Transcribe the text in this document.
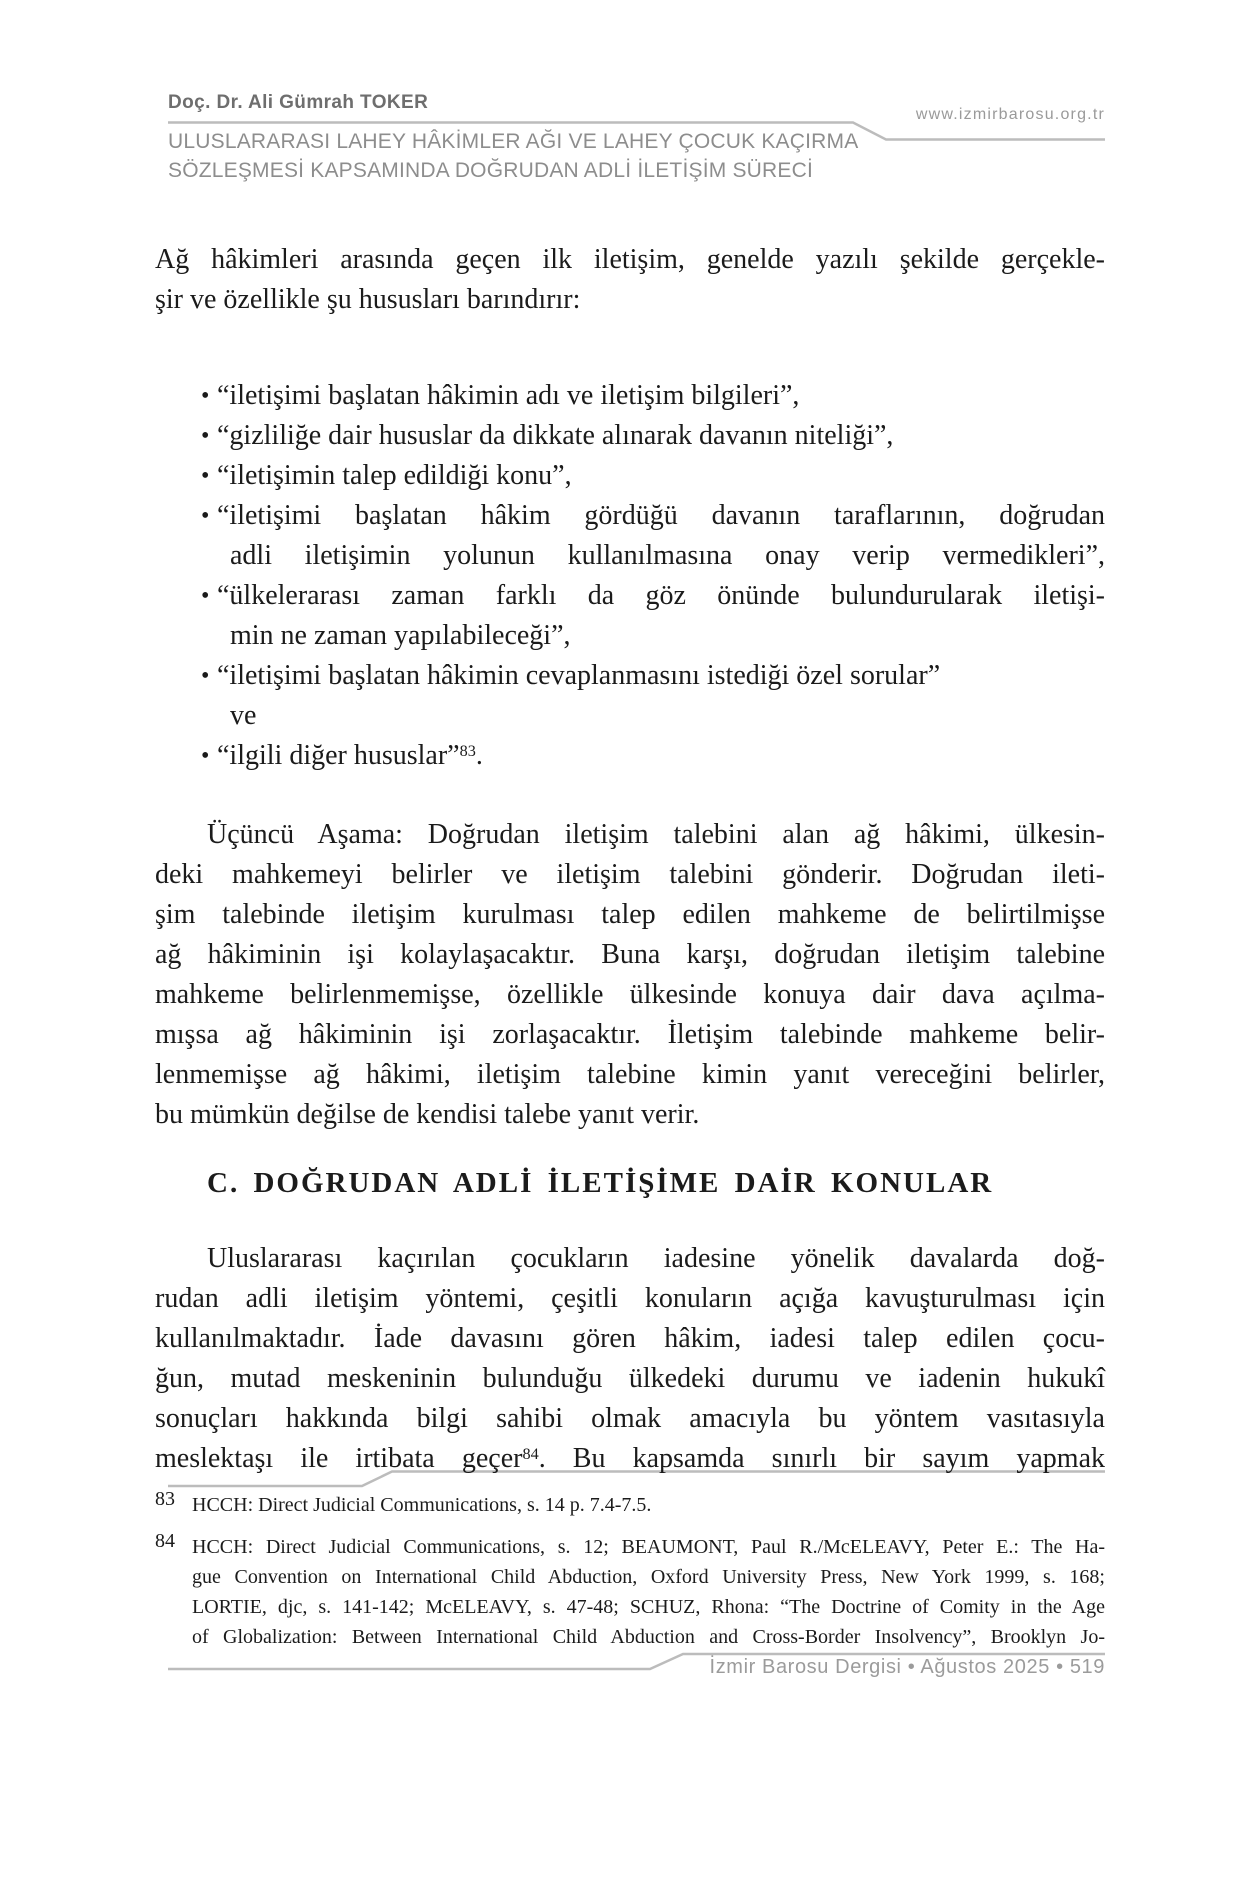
Doç. Dr. Ali Gümrah TOKER
www.izmirbarosu.org.tr
ULUSLARARASI LAHEY HÂKİMLER AĞI VE LAHEY ÇOCUK KAÇIRMA
SÖZLEŞMESİ KAPSAMINDA DOĞRUDAN ADLİ İLETİŞİM SÜRECİ
Ağ hâkimleri arasında geçen ilk iletişim, genelde yazılı şekilde gerçekle-
şir ve özellikle şu hususları barındırır:
• “iletişimi başlatan hâkimin adı ve iletişim bilgileri”,
• “gizliliğe dair hususlar da dikkate alınarak davanın niteliği”,
• “iletişimin talep edildiği konu”,
• “iletişimi başlatan hâkim gördüğü davanın taraflarının, doğrudan
adli iletişimin yolunun kullanılmasına onay verip vermedikleri”,
• “ülkelerarası zaman farklı da göz önünde bulundurularak iletişi-
min ne zaman yapılabileceği”,
• “iletişimi başlatan hâkimin cevaplanmasını istediği özel sorular”
ve
• “ilgili diğer hususlar”$^{83}$.
Üçüncü Aşama: Doğrudan iletişim talebini alan ağ hâkimi, ülkesin-
deki mahkemeyi belirler ve iletişim talebini gönderir. Doğrudan ileti-
şim talebinde iletişim kurulması talep edilen mahkeme de belirtilmişse
ağ hâkiminin işi kolaylaşacaktır. Buna karşı, doğrudan iletişim talebine
mahkeme belirlenmemişse, özellikle ülkesinde konuya dair dava açılma-
mışsa ağ hâkiminin işi zorlaşacaktır. İletişim talebinde mahkeme belir-
lenmemişse ağ hâkimi, iletişim talebine kimin yanıt vereceğini belirler,
bu mümkün değilse de kendisi talebe yanıt verir.
C. DOĞRUDAN ADLİ İLETİŞİME DAİR KONULAR
Uluslararası kaçırılan çocukların iadesine yönelik davalarda doğ-
rudan adli iletişim yöntemi, çeşitli konuların açığa kavuşturulması için
kullanılmaktadır. İade davasını gören hâkim, iadesi talep edilen çocu-
ğun, mutad meskeninin bulunduğu ülkedeki durumu ve iadenin hukukî
sonuçları hakkında bilgi sahibi olmak amacıyla bu yöntem vasıtasıyla
meslektaşı ile irtibata geçer$^{84}$. Bu kapsamda sınırlı bir sayım yapmak
83 HCCH: Direct Judicial Communications, s. 14 p. 7.4-7.5.
84 HCCH: Direct Judicial Communications, s. 12; BEAUMONT, Paul R./McELEAVY, Peter E.: The Ha-
gue Convention on International Child Abduction, Oxford University Press, New York 1999, s. 168;
LORTIE, djc, s. 141-142; McELEAVY, s. 47-48; SCHUZ, Rhona: “The Doctrine of Comity in the Age
of Globalization: Between International Child Abduction and Cross-Border Insolvency”, Brooklyn Jo-
İzmir Barosu Dergisi • Ağustos 2025 • 519
